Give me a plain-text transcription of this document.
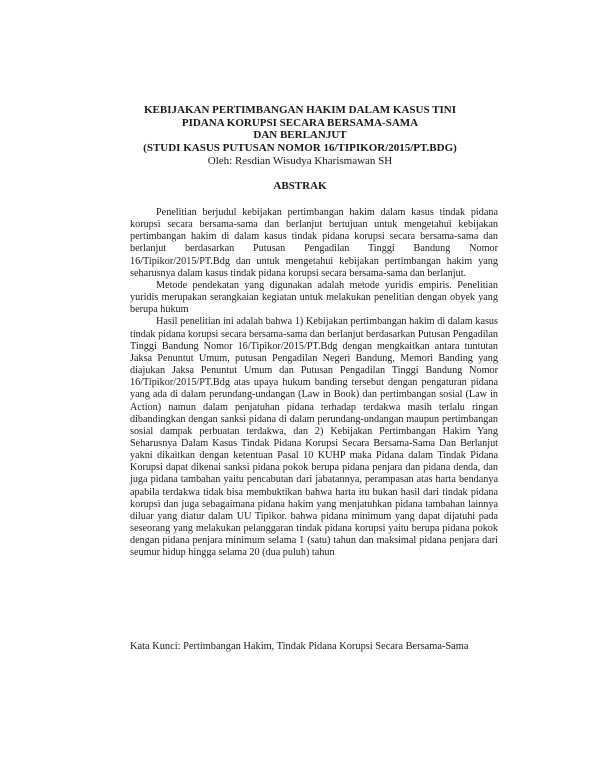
KEBIJAKAN PERTIMBANGAN HAKIM DALAM KASUS TINI
PIDANA KORUPSI SECARA BERSAMA-SAMA
DAN BERLANJUT
(STUDI KASUS PUTUSAN NOMOR 16/TIPIKOR/2015/PT.BDG)
Oleh: Resdian Wisudya Kharismawan SH
ABSTRAK

Penelitian berjudul kebijakan pertimbangan hakim dalam kasus tindak pidana korupsi secara bersama-sama dan berlanjut bertujuan untuk mengetahui kebijakan pertimbangan hakim di dalam kasus tindak pidana korupsi secara bersama-sama dan berlanjut berdasarkan Putusan Pengadilan Tinggi Bandung Nomor 16/Tipikor/2015/PT.Bdg dan untuk mengetahui kebijakan pertimbangan hakim yang seharusnya dalam kasus tindak pidana korupsi secara bersama-sama dan berlanjut.

Metode pendekatan yang digunakan adalah metode yuridis empiris. Penelitian yuridis merupakan serangkaian kegiatan untuk melakukan penelitian dengan obyek yang berupa hukum

Hasil penelitian ini adalah bahwa 1) Kebijakan pertimbangan hakim di dalam kasus tindak pidana korupsi secara bersama-sama dan berlanjut berdasarkan Putusan Pengadilan Tinggi Bandung Nomor 16/Tipikor/2015/PT.Bdg dengan mengkaitkan antara tuntutan Jaksa Penuntut Umum, putusan Pengadilan Negeri Bandung, Memori Banding yang diajukan Jaksa Penuntut Umum dan Putusan Pengadilan Tinggi Bandung Nomor 16/Tipikor/2015/PT.Bdg atas upaya hukum banding tersebut dengan pengaturan pidana yang ada di dalam perundang-undangan (Law in Book) dan pertimbangan sosial (Law in Action) namun dalam penjatuhan pidana terhadap terdakwa masih terlalu ringan dibandingkan dengan sanksi pidana di dalam perundang-undangan maupun pertimbangan sosial dampak perbuatan terdakwa, dan 2) Kebijakan Pertimbangan Hakim Yang Seharusnya Dalam Kasus Tindak Pidana Korupsi Secara Bersama-Sama Dan Berlanjut yakni dikaitkan dengan ketentuan Pasal 10 KUHP maka Pidana dalam Tindak Pidana Korupsi dapat dikenai sanksi pidana pokok berupa pidana penjara dan pidana denda, dan juga pidana tambahan yaitu pencabutan dari jabatannya, perampasan atas harta bendanya apabila terdakwa tidak bisa membuktikan bahwa harta itu bukan hasil dari tindak pidana korupsi dan juga sebagaimana pidana hakim yang menjatuhkan pidana tambahan lainnya diluar yang diatur dalam UU Tipikor. bahwa pidana minimum yang dapat dijatuhi pada seseorang yang melakukan pelanggaran tindak pidana korupsi yaitu berupa pidana pokok dengan pidana penjara minimum selama 1 (satu) tahun dan maksimal pidana penjara dari seumur hidup hingga selama 20 (dua puluh) tahun

Kata Kunci: Pertimbangan Hakim, Tindak Pidana Korupsi Secara Bersama-Sama
